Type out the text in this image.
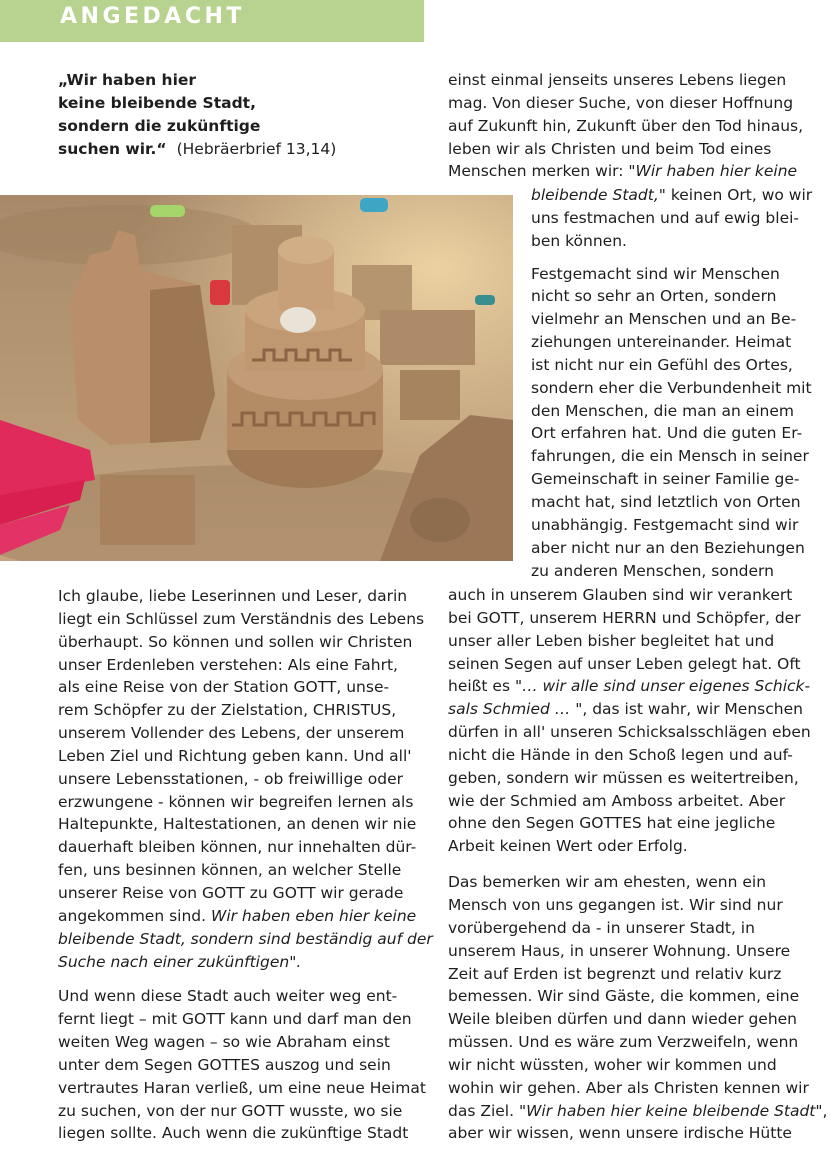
ANGEDACHT
„Wir haben hier
keine bleibende Stadt,
sondern die zukünftige
suchen wir.“ (Hebräerbrief 13,14)
einst einmal jenseits unseres Lebens liegen
mag. Von dieser Suche, von dieser Hoffnung
auf Zukunft hin, Zukunft über den Tod hinaus,
leben wir als Christen und beim Tod eines
Menschen merken wir: "Wir haben hier keine
bleibende Stadt," keinen Ort, wo wir
uns festmachen und auf ewig blei-
ben können.
Festgemacht sind wir Menschen
nicht so sehr an Orten, sondern
vielmehr an Menschen und an Be-
ziehungen untereinander. Heimat
ist nicht nur ein Gefühl des Ortes,
sondern eher die Verbundenheit mit
den Menschen, die man an einem
Ort erfahren hat. Und die guten Er-
fahrungen, die ein Mensch in seiner
Gemeinschaft in seiner Familie ge-
macht hat, sind letztlich von Orten
unabhängig. Festgemacht sind wir
aber nicht nur an den Beziehungen
zu anderen Menschen, sondern
auch in unserem Glauben sind wir verankert
bei GOTT, unserem HERRN und Schöpfer, der
unser aller Leben bisher begleitet hat und
seinen Segen auf unser Leben gelegt hat. Oft
heißt es "… wir alle sind unser eigenes Schick-
sals Schmied … ", das ist wahr, wir Menschen
dürfen in all' unseren Schicksalsschlägen eben
nicht die Hände in den Schoß legen und auf-
geben, sondern wir müssen es weitertreiben,
wie der Schmied am Amboss arbeitet. Aber
ohne den Segen GOTTES hat eine jegliche
Arbeit keinen Wert oder Erfolg.
Das bemerken wir am ehesten, wenn ein
Mensch von uns gegangen ist. Wir sind nur
vorübergehend da - in unserer Stadt, in
unserem Haus, in unserer Wohnung. Unsere
Zeit auf Erden ist begrenzt und relativ kurz
bemessen. Wir sind Gäste, die kommen, eine
Weile bleiben dürfen und dann wieder gehen
müssen. Und es wäre zum Verzweifeln, wenn
wir nicht wüssten, woher wir kommen und
wohin wir gehen. Aber als Christen kennen wir
das Ziel. "Wir haben hier keine bleibende Stadt",
aber wir wissen, wenn unsere irdische Hütte
Ich glaube, liebe Leserinnen und Leser, darin
liegt ein Schlüssel zum Verständnis des Lebens
überhaupt. So können und sollen wir Christen
unser Erdenleben verstehen: Als eine Fahrt,
als eine Reise von der Station GOTT, unse-
rem Schöpfer zu der Zielstation, CHRISTUS,
unserem Vollender des Lebens, der unserem
Leben Ziel und Richtung geben kann. Und all'
unsere Lebensstationen, - ob freiwillige oder
erzwungene - können wir begreifen lernen als
Haltepunkte, Haltestationen, an denen wir nie
dauerhaft bleiben können, nur innehalten dür-
fen, uns besinnen können, an welcher Stelle
unserer Reise von GOTT zu GOTT wir gerade
angekommen sind. Wir haben eben hier keine
bleibende Stadt, sondern sind beständig auf der
Suche nach einer zukünftigen".
Und wenn diese Stadt auch weiter weg ent-
fernt liegt – mit GOTT kann und darf man den
weiten Weg wagen – so wie Abraham einst
unter dem Segen GOTTES auszog und sein
vertrautes Haran verließ, um eine neue Heimat
zu suchen, von der nur GOTT wusste, wo sie
liegen sollte. Auch wenn die zukünftige Stadt
